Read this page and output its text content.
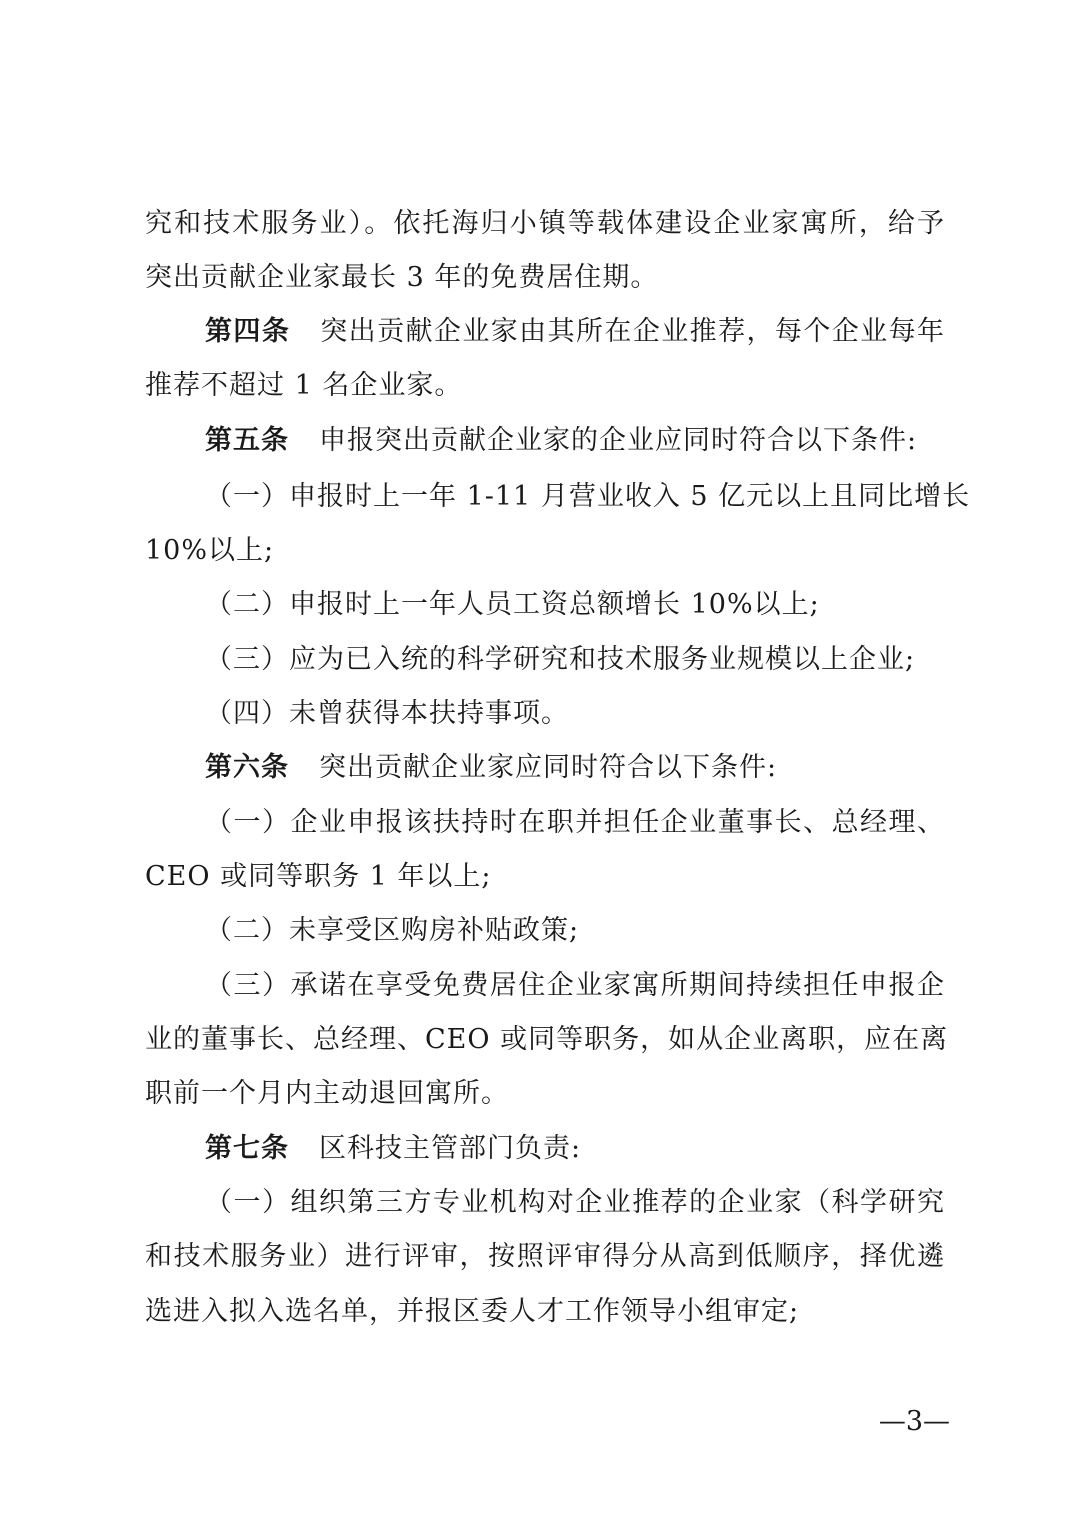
究和技术服务业）。依托海归小镇等载体建设企业家寓所，给予
突出贡献企业家最长 3 年的免费居住期。
第四条 突出贡献企业家由其所在企业推荐，每个企业每年
推荐不超过 1 名企业家。
第五条 申报突出贡献企业家的企业应同时符合以下条件:
（一）申报时上一年 1-11 月营业收入 5 亿元以上且同比增长
10%以上;
（二）申报时上一年人员工资总额增长 10%以上;
（三）应为已入统的科学研究和技术服务业规模以上企业;
（四）未曾获得本扶持事项。
第六条 突出贡献企业家应同时符合以下条件:
（一）企业申报该扶持时在职并担任企业董事长、总经理、
CEO 或同等职务 1 年以上;
（二）未享受区购房补贴政策;
（三）承诺在享受免费居住企业家寓所期间持续担任申报企
业的董事长、总经理、CEO 或同等职务，如从企业离职，应在离
职前一个月内主动退回寓所。
第七条 区科技主管部门负责:
（一）组织第三方专业机构对企业推荐的企业家（科学研究
和技术服务业）进行评审，按照评审得分从高到低顺序，择优遴
选进入拟入选名单，并报区委人才工作领导小组审定;
—3—
